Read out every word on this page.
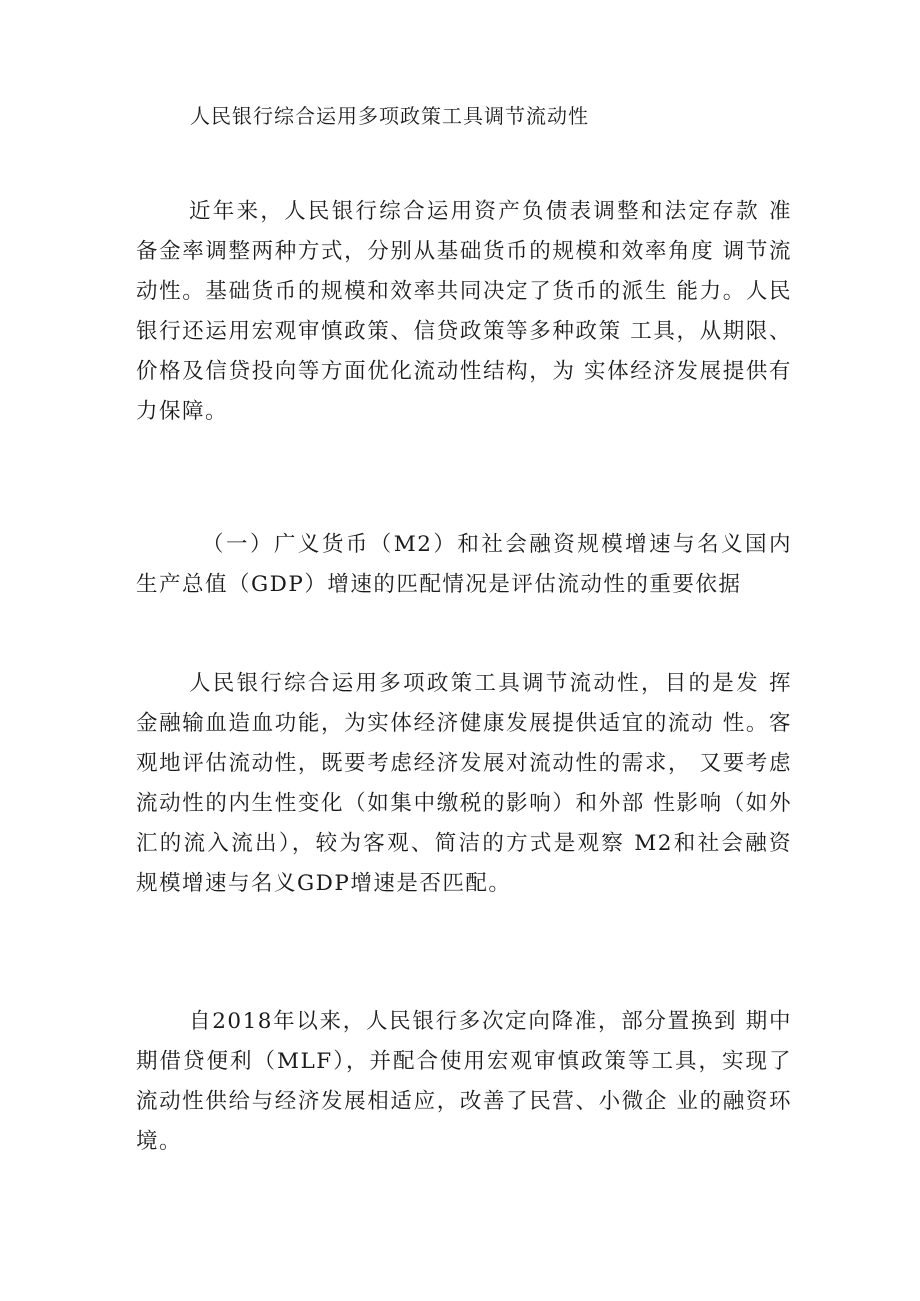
人民银行综合运用多项政策工具调节流动性

近年来，人民银行综合运用资产负债表调整和法定存款 准备金率调整两种方式，分别从基础货币的规模和效率角度 调节流动性。基础货币的规模和效率共同决定了货币的派生 能力。人民银行还运用宏观审慎政策、信贷政策等多种政策 工具，从期限、价格及信贷投向等方面优化流动性结构，为 实体经济发展提供有力保障。

（一）广义货币（M2）和社会融资规模增速与名义国内 生产总值（GDP）增速的匹配情况是评估流动性的重要依据

人民银行综合运用多项政策工具调节流动性，目的是发 挥金融输血造血功能，为实体经济健康发展提供适宜的流动 性。客观地评估流动性，既要考虑经济发展对流动性的需求， 又要考虑流动性的内生性变化（如集中缴税的影响）和外部 性影响（如外汇的流入流出），较为客观、简洁的方式是观察 M2和社会融资规模增速与名义GDP增速是否匹配。

自2018年以来，人民银行多次定向降准，部分置换到 期中期借贷便利（MLF），并配合使用宏观审慎政策等工具，实现了流动性供给与经济发展相适应，改善了民营、小微企 业的融资环境。
